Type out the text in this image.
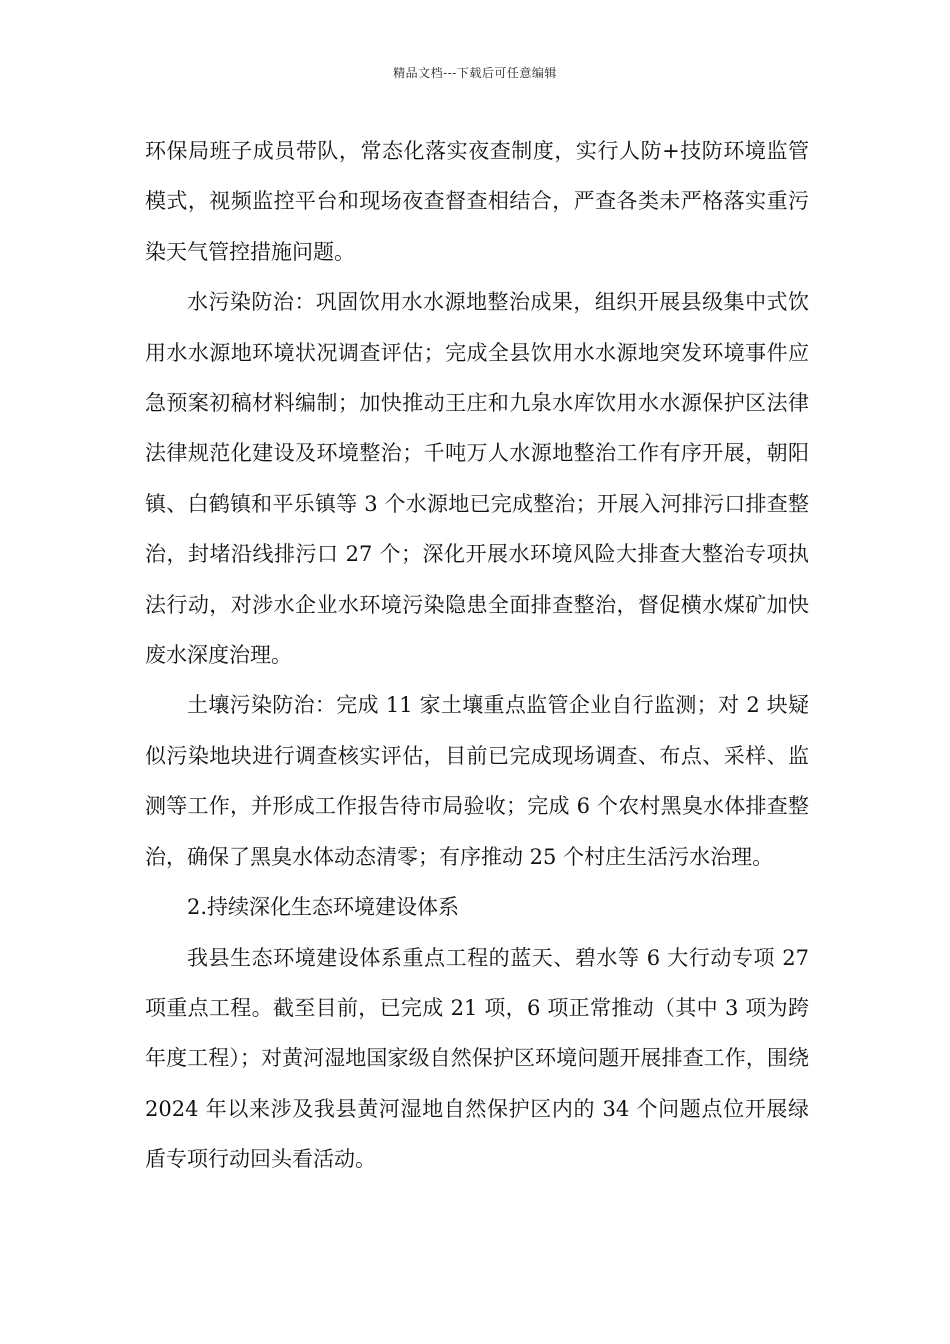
精品文档---下载后可任意编辑

环保局班子成员带队，常态化落实夜查制度，实行人防+技防环境监管模式，视频监控平台和现场夜查督查相结合，严查各类未严格落实重污染天气管控措施问题。

水污染防治：巩固饮用水水源地整治成果，组织开展县级集中式饮用水水源地环境状况调查评估；完成全县饮用水水源地突发环境事件应急预案初稿材料编制；加快推动王庄和九泉水库饮用水水源保护区法律法律规范化建设及环境整治；千吨万人水源地整治工作有序开展，朝阳镇、白鹤镇和平乐镇等 3 个水源地已完成整治；开展入河排污口排查整治，封堵沿线排污口 27 个；深化开展水环境风险大排查大整治专项执法行动，对涉水企业水环境污染隐患全面排查整治，督促横水煤矿加快废水深度治理。

土壤污染防治：完成 11 家土壤重点监管企业自行监测；对 2 块疑似污染地块进行调查核实评估，目前已完成现场调查、布点、采样、监测等工作，并形成工作报告待市局验收；完成 6 个农村黑臭水体排查整治，确保了黑臭水体动态清零；有序推动 25 个村庄生活污水治理。

2.持续深化生态环境建设体系

我县生态环境建设体系重点工程的蓝天、碧水等 6 大行动专项 27 项重点工程。截至目前，已完成 21 项，6 项正常推动（其中 3 项为跨年度工程）；对黄河湿地国家级自然保护区环境问题开展排查工作，围绕 2024 年以来涉及我县黄河湿地自然保护区内的 34 个问题点位开展绿盾专项行动回头看活动。
